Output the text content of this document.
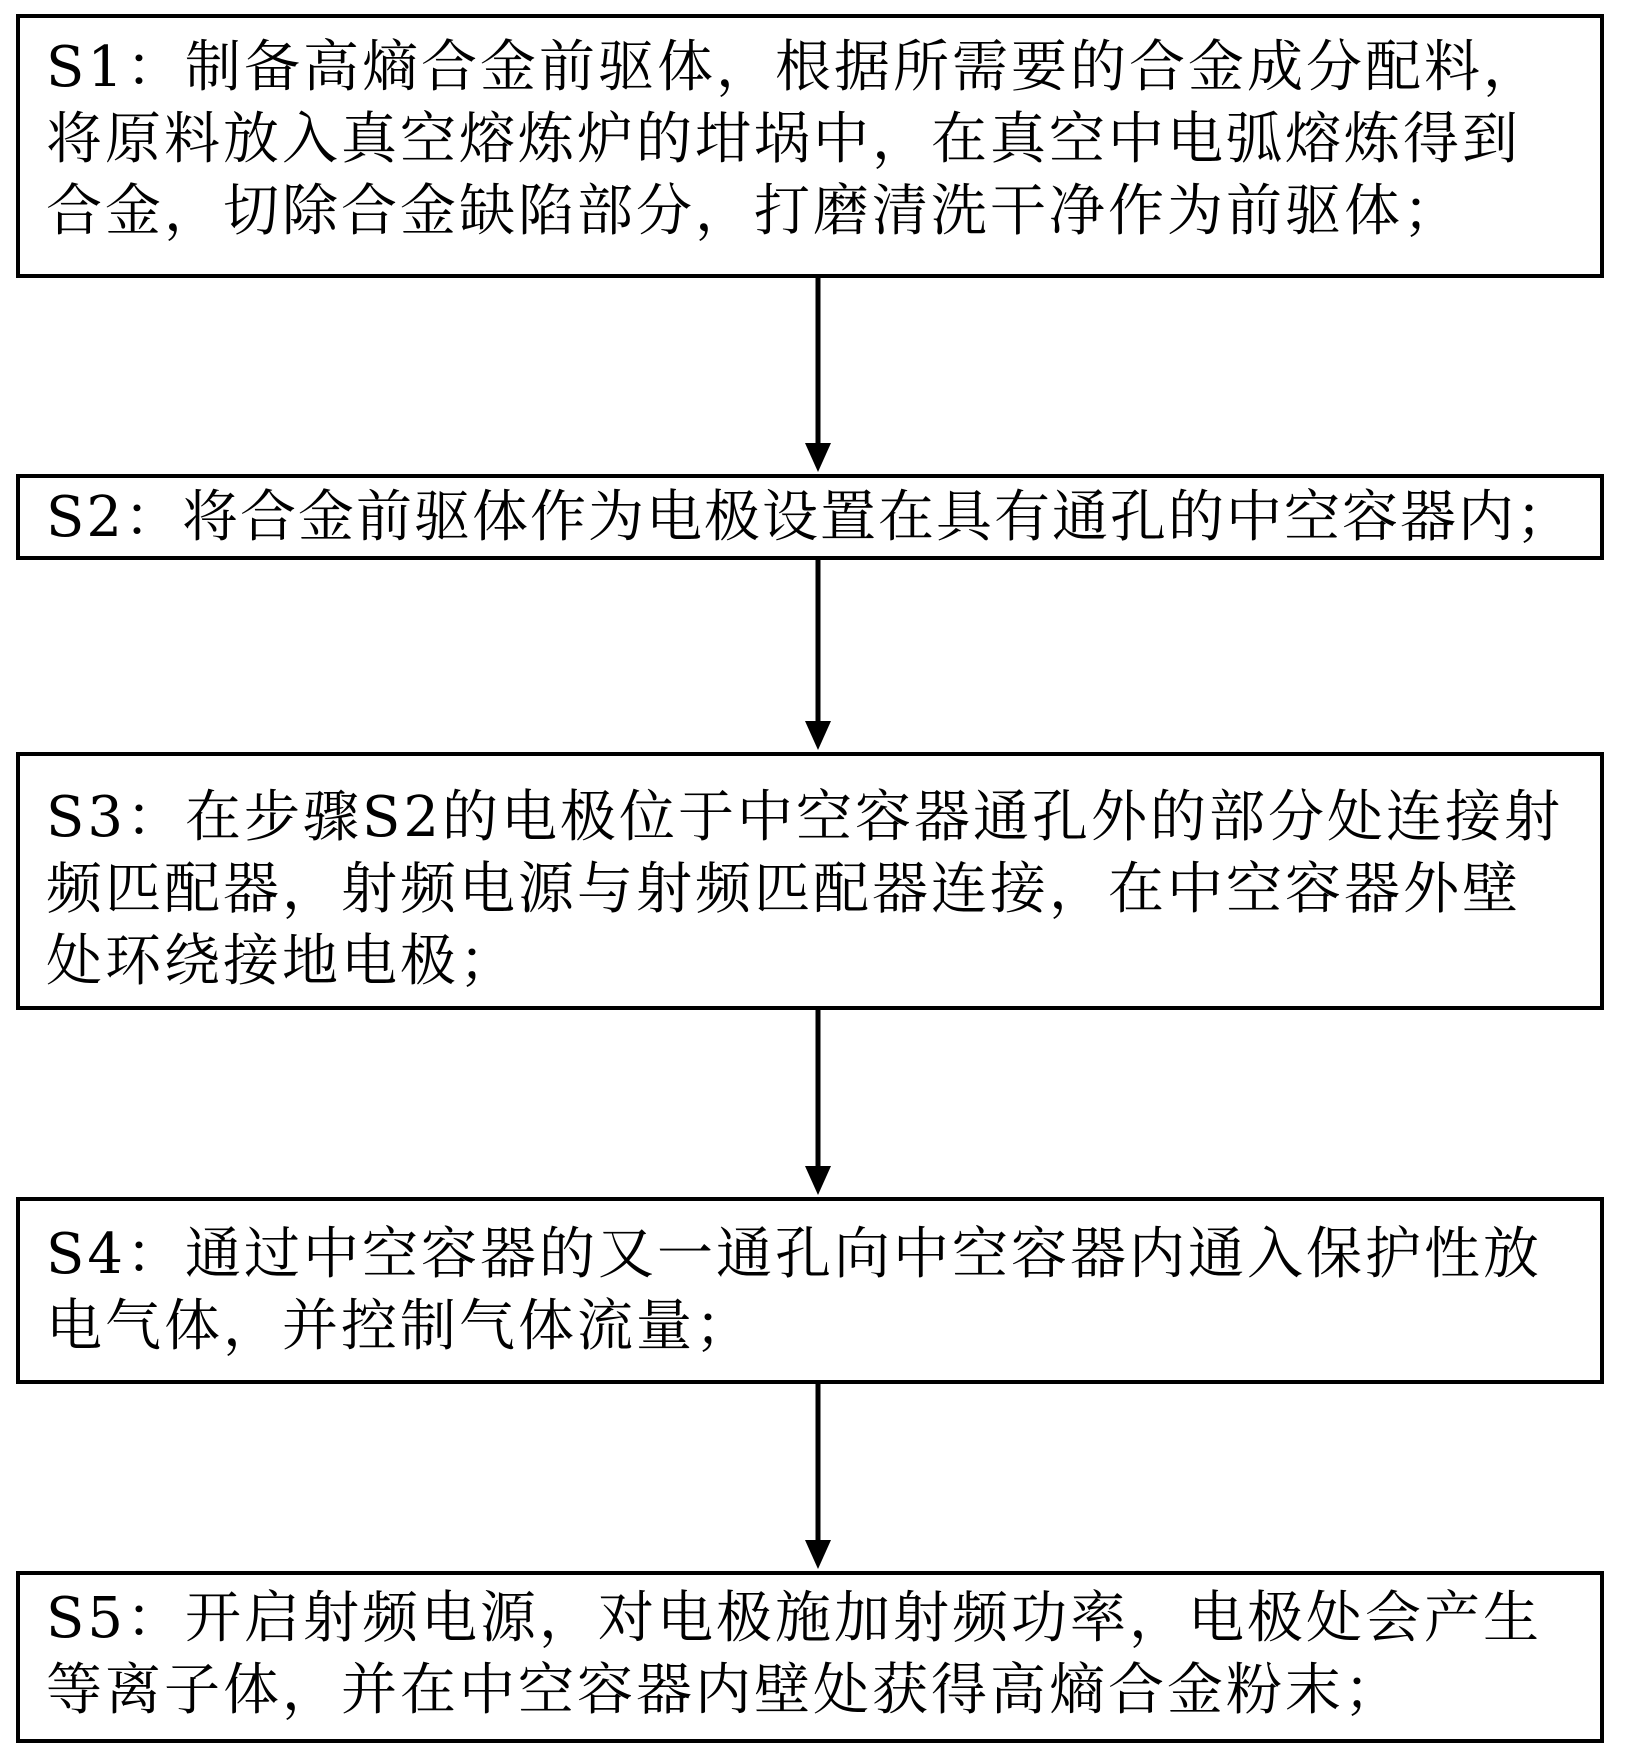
S1：制备高熵合金前驱体，根据所需要的合金成分配料，将原料放入真空熔炼炉的坩埚中，在真空中电弧熔炼得到合金，切除合金缺陷部分，打磨清洗干净作为前驱体；

S2：将合金前驱体作为电极设置在具有通孔的中空容器内；

S3：在步骤S2的电极位于中空容器通孔外的部分处连接射频匹配器，射频电源与射频匹配器连接，在中空容器外壁处环绕接地电极；

S4：通过中空容器的又一通孔向中空容器内通入保护性放电气体，并控制气体流量；

S5：开启射频电源，对电极施加射频功率，电极处会产生等离子体，并在中空容器内壁处获得高熵合金粉末；
